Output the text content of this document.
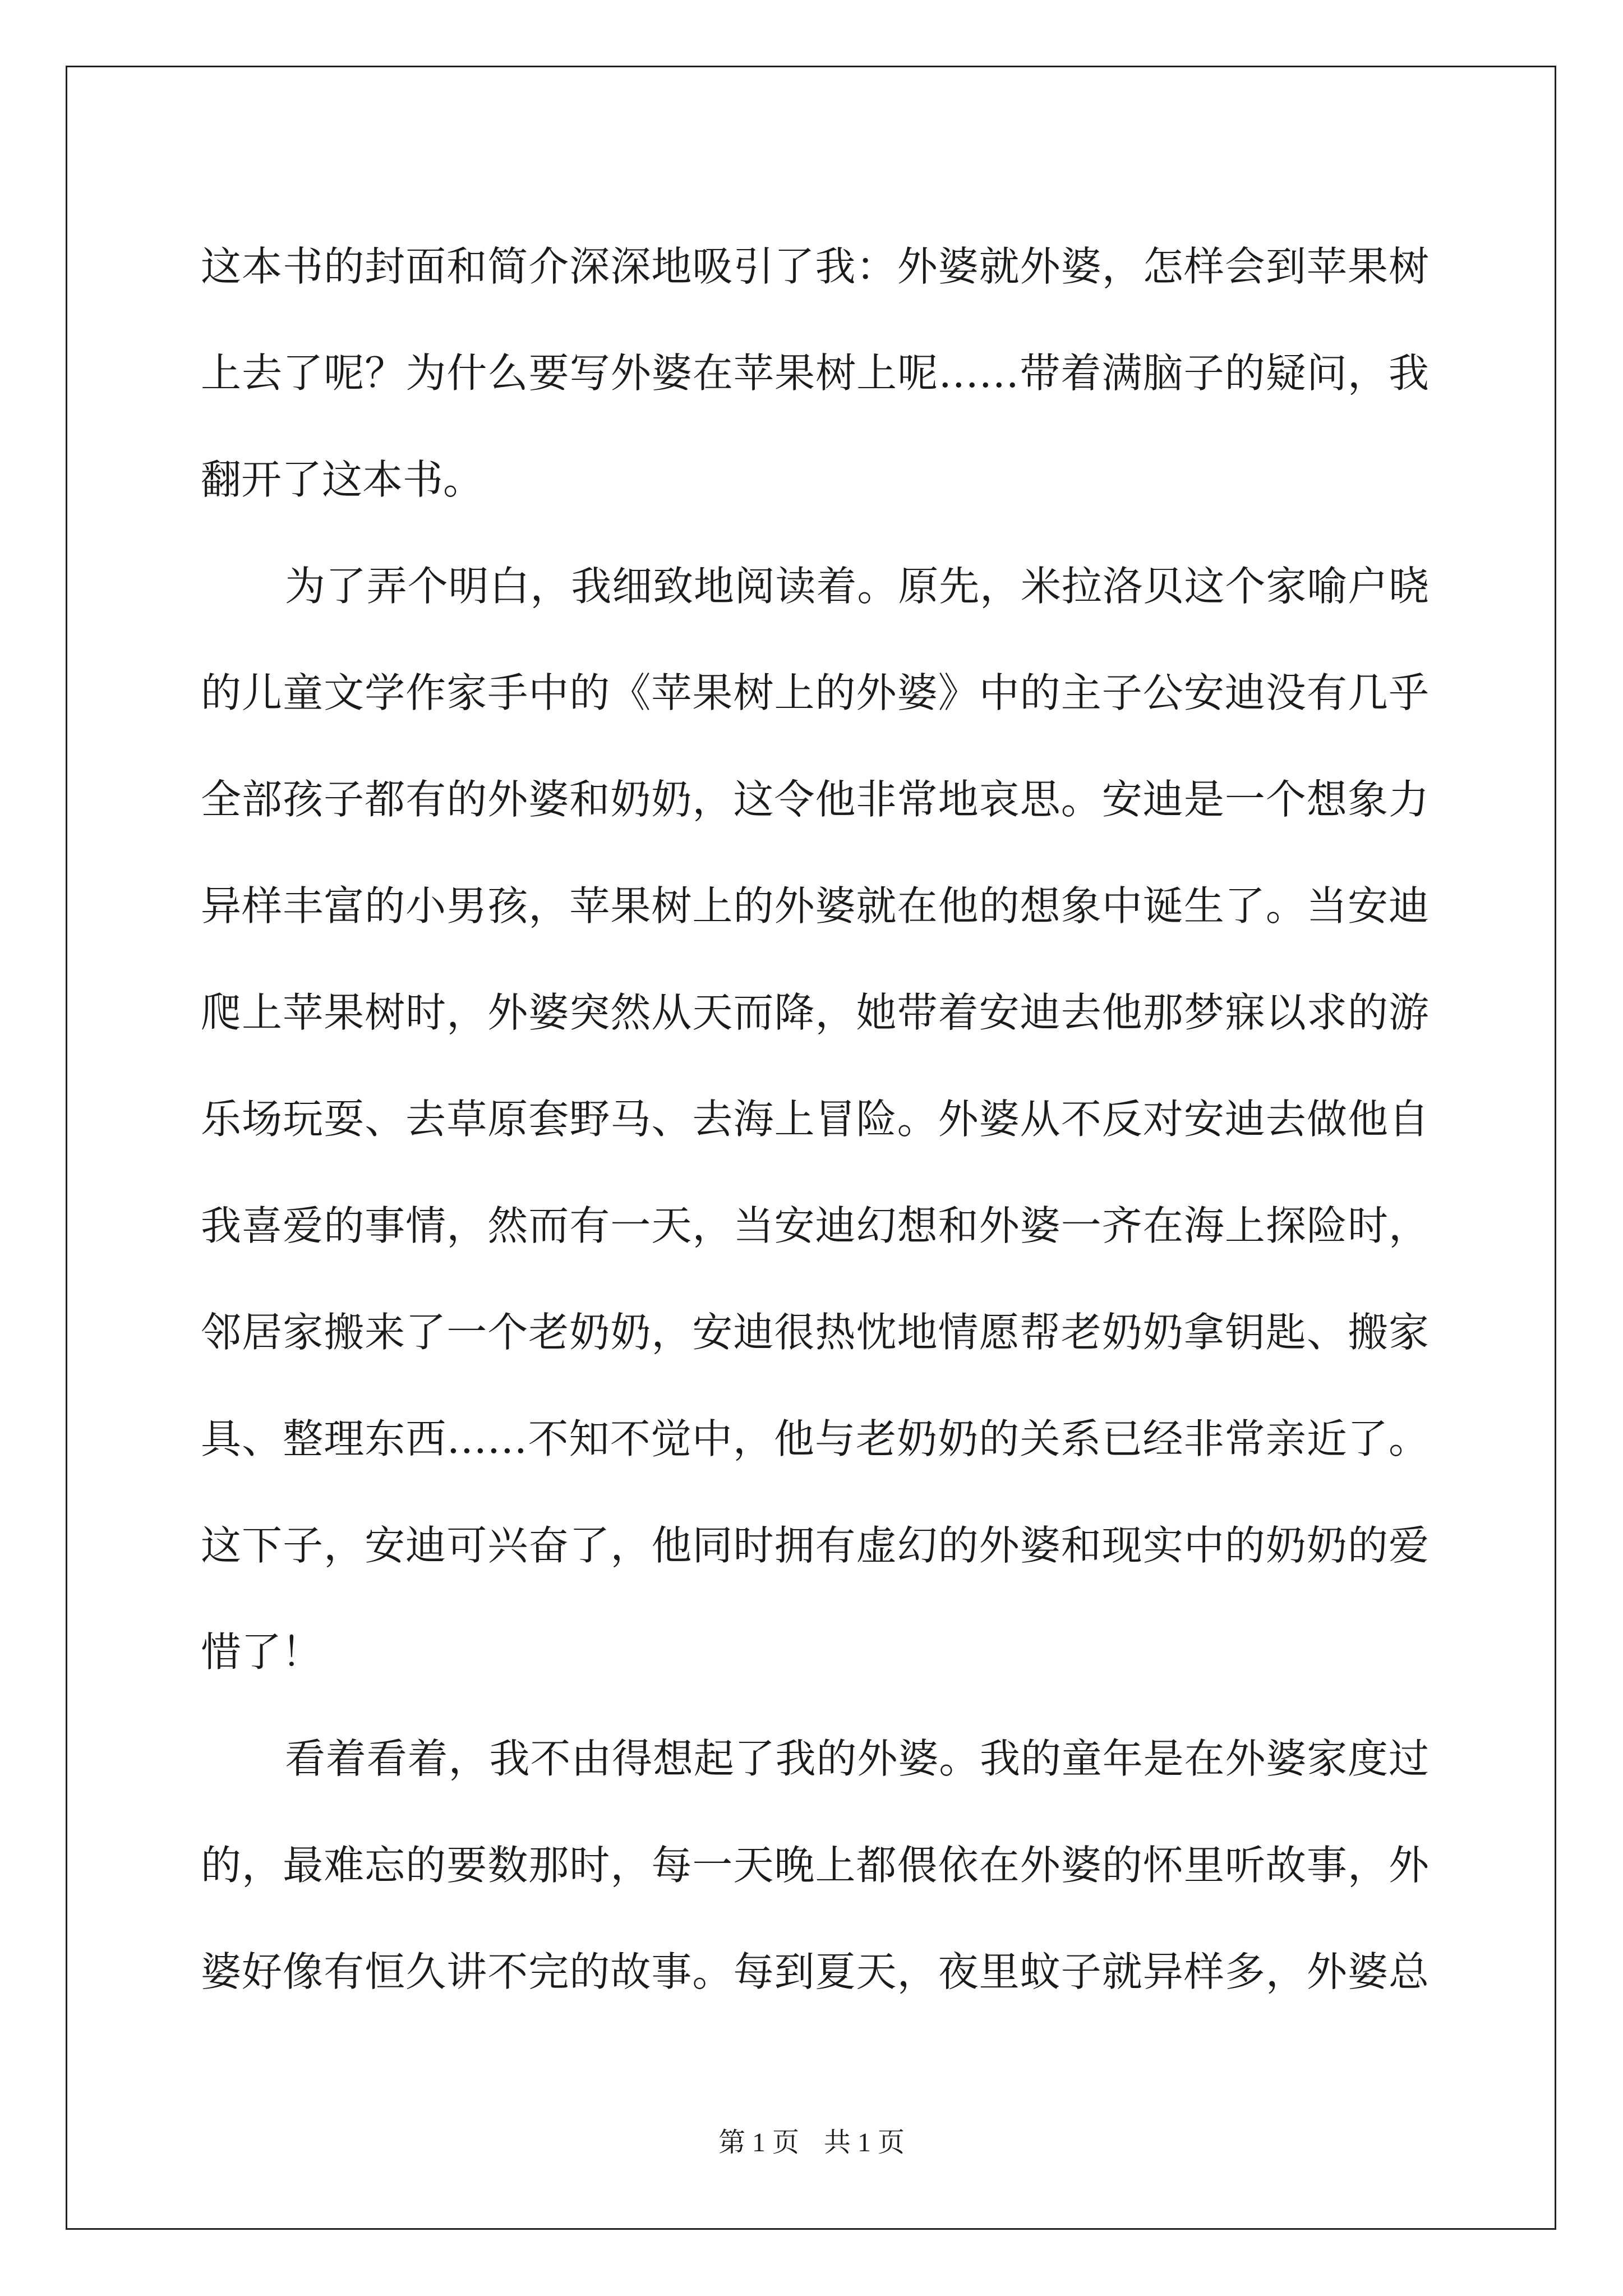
这本书的封面和简介深深地吸引了我：外婆就外婆，怎样会到苹果树
上去了呢？为什么要写外婆在苹果树上呢……带着满脑子的疑问，我
翻开了这本书。
为了弄个明白，我细致地阅读着。原先，米拉洛贝这个家喻户晓
的儿童文学作家手中的《苹果树上的外婆》中的主子公安迪没有几乎
全部孩子都有的外婆和奶奶，这令他非常地哀思。安迪是一个想象力
异样丰富的小男孩，苹果树上的外婆就在他的想象中诞生了。当安迪
爬上苹果树时，外婆突然从天而降，她带着安迪去他那梦寐以求的游
乐场玩耍、去草原套野马、去海上冒险。外婆从不反对安迪去做他自
我喜爱的事情，然而有一天，当安迪幻想和外婆一齐在海上探险时，
邻居家搬来了一个老奶奶，安迪很热忱地情愿帮老奶奶拿钥匙、搬家
具、整理东西……不知不觉中，他与老奶奶的关系已经非常亲近了。
这下子，安迪可兴奋了，他同时拥有虚幻的外婆和现实中的奶奶的爱
惜了！
看着看着，我不由得想起了我的外婆。我的童年是在外婆家度过
的，最难忘的要数那时，每一天晚上都偎依在外婆的怀里听故事，外
婆好像有恒久讲不完的故事。每到夏天，夜里蚊子就异样多，外婆总
第 1 页 共 1 页
